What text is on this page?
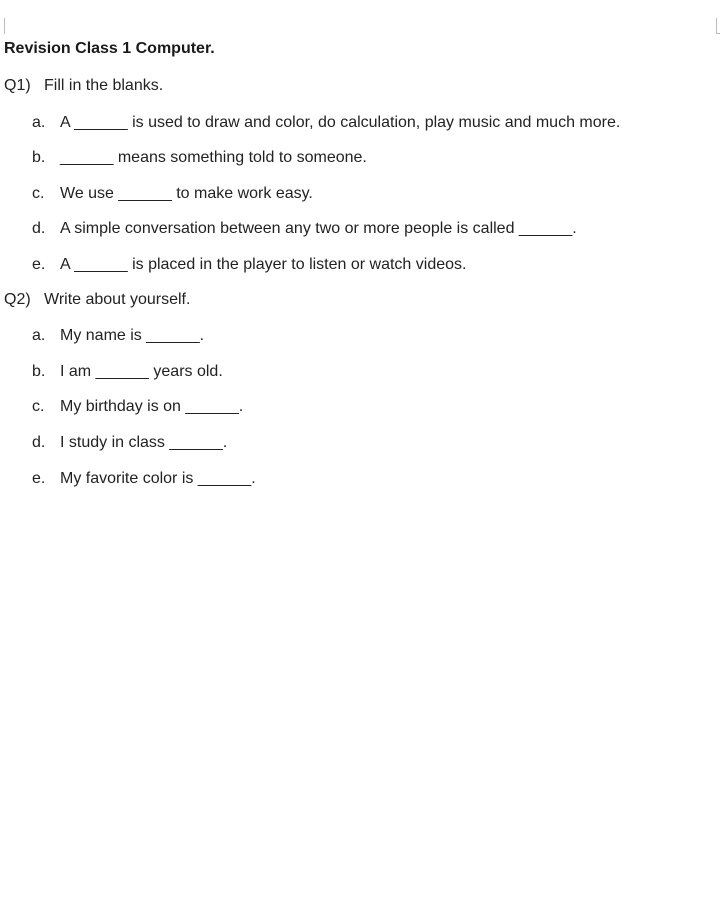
Revision Class 1 Computer.

Q1) Fill in the blanks.

a. A ______ is used to draw and color, do calculation, play music and much more.

b. ______ means something told to someone.

c. We use ______ to make work easy.

d. A simple conversation between any two or more people is called ______.

e. A ______ is placed in the player to listen or watch videos.

Q2) Write about yourself.

a. My name is ______.

b. I am ______ years old.

c. My birthday is on ______.

d. I study in class ______.

e. My favorite color is ______.
